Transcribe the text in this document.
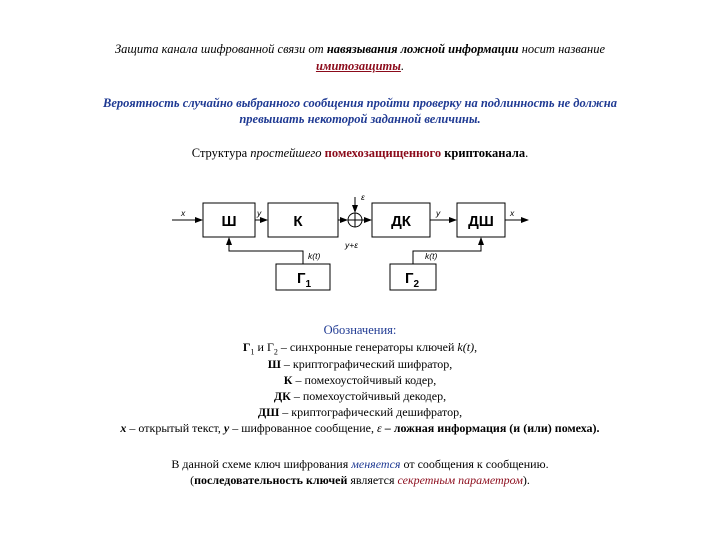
Защита канала шифрованной связи от навязывания ложной информации носит название
имитозащиты.
Вероятность случайно выбранного сообщения пройти проверку на подлинность не должна
превышать некоторой заданной величины.
Структура простейшего помехозащищенного криптоканала.
Ш	К	ДК	ДШ
$Г_1$	$Г_2$
x	y
ε
y+ε
y	x
k(t)	k(t)
Обозначения:
$Г_1$ и $Г_2$ – синхронные генераторы ключей k(t),
Ш – криптографический шифратор,
К – помехоустойчивый кодер,
ДК – помехоустойчивый декодер,
ДШ – криптографический дешифратор,
x – открытый текст, y – шифрованное сообщение, ε – ложная информация (и (или) помеха).
В данной схеме ключ шифрования меняется от сообщения к сообщению.
(последовательность ключей является секретным параметром).
